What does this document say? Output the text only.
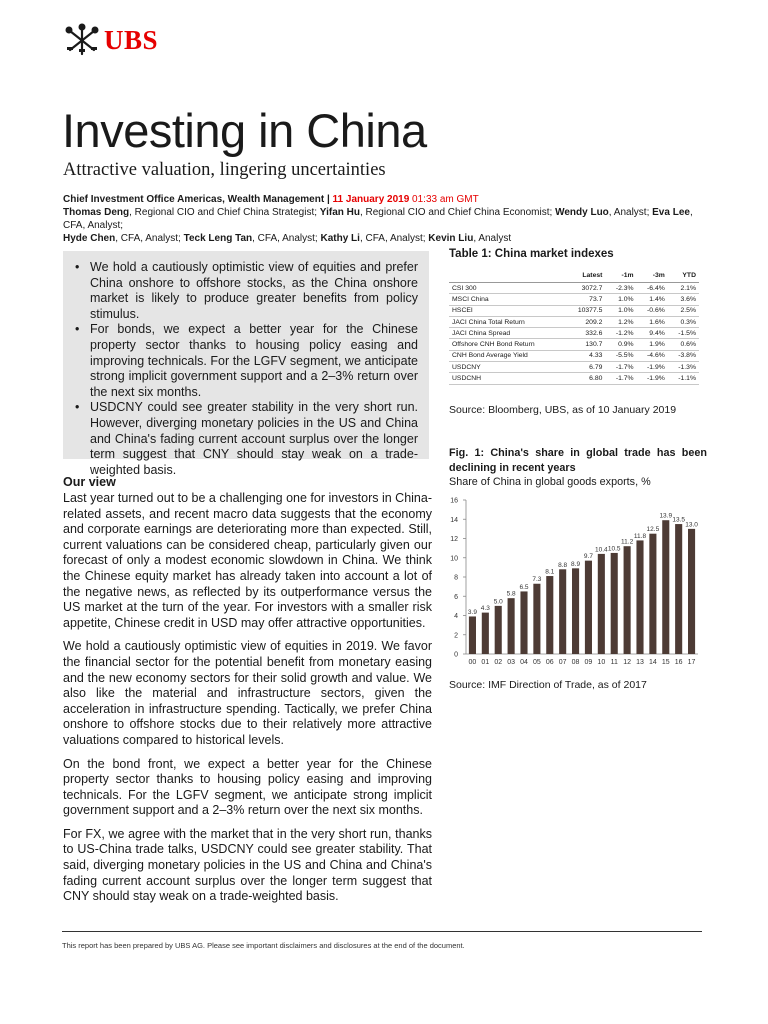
UBS
Investing in China
Attractive valuation, lingering uncertainties
Chief Investment Office Americas, Wealth Management | 11 January 2019 01:33 am GMT
Thomas Deng, Regional CIO and Chief China Strategist; Yifan Hu, Regional CIO and Chief China Economist; Wendy Luo, Analyst; Eva Lee, CFA, Analyst;
Hyde Chen, CFA, Analyst; Teck Leng Tan, CFA, Analyst; Kathy Li, CFA, Analyst; Kevin Liu, Analyst
• We hold a cautiously optimistic view of equities and prefer China onshore to offshore stocks, as the China onshore market is likely to produce greater benefits from policy stimulus.
• For bonds, we expect a better year for the Chinese property sector thanks to housing policy easing and improving technicals. For the LGFV segment, we anticipate strong implicit government support and a 2–3% return over the next six months.
• USDCNY could see greater stability in the very short run. However, diverging monetary policies in the US and China and China's fading current account surplus over the longer term suggest that CNY should stay weak on a trade-weighted basis.
Our view

Last year turned out to be a challenging one for investors in China-related assets, and recent macro data suggests that the economy and corporate earnings are deteriorating more than expected. Still, current valuations can be considered cheap, particularly given our forecast of only a modest economic slowdown in China. We think the Chinese equity market has already taken into account a lot of the negative news, as reflected by its outperformance versus the US market at the turn of the year. For investors with a smaller risk appetite, Chinese credit in USD may offer attractive opportunities.

We hold a cautiously optimistic view of equities in 2019. We favor the financial sector for the potential benefit from monetary easing and the new economy sectors for their solid growth and value. We also like the material and infrastructure sectors, given the acceleration in infrastructure spending. Tactically, we prefer China onshore to offshore stocks due to their relatively more attractive valuations compared to historical levels.

On the bond front, we expect a better year for the Chinese property sector thanks to housing policy easing and improving technicals. For the LGFV segment, we anticipate strong implicit government support and a 2–3% return over the next six months.

For FX, we agree with the market that in the very short run, thanks to US-China trade talks, USDCNY could see greater stability. That said, diverging monetary policies in the US and China and China's fading current account surplus over the longer term suggest that CNY should stay weak on a trade-weighted basis.

Table 1: China market indexes
	Latest	-1m	-3m	YTD
CSI 300	3072.7	-2.3%	-6.4%	2.1%
MSCI China	73.7	1.0%	1.4%	3.6%
HSCEI	10377.5	1.0%	-0.6%	2.5%
JACI China Total Return	209.2	1.2%	1.6%	0.3%
JACI China Spread	332.6	-1.2%	9.4%	-1.5%
Offshore CNH Bond Return	130.7	0.9%	1.9%	0.6%
CNH Bond Average Yield	4.33	-5.5%	-4.6%	-3.8%
USDCNY	6.79	-1.7%	-1.9%	-1.3%
USDCNH	6.80	-1.7%	-1.9%	-1.1%
Source: Bloomberg, UBS, as of 10 January 2019
Fig. 1: China's share in global trade has been declining in recent years
Share of China in global goods exports, %
0
2
4
6
8
10
12
14
16
3.9
00
4.3
01
5.0
02
5.8
03
6.5
04
7.3
05
8.1
06
8.8
07
8.9
08
9.7
09
10.4
10
10.5
11
11.2
12
11.8
13
12.5
14
13.9
15
13.5
16
13.0
17
Source: IMF Direction of Trade, as of 2017
This report has been prepared by UBS AG. Please see important disclaimers and disclosures at the end of the document.
